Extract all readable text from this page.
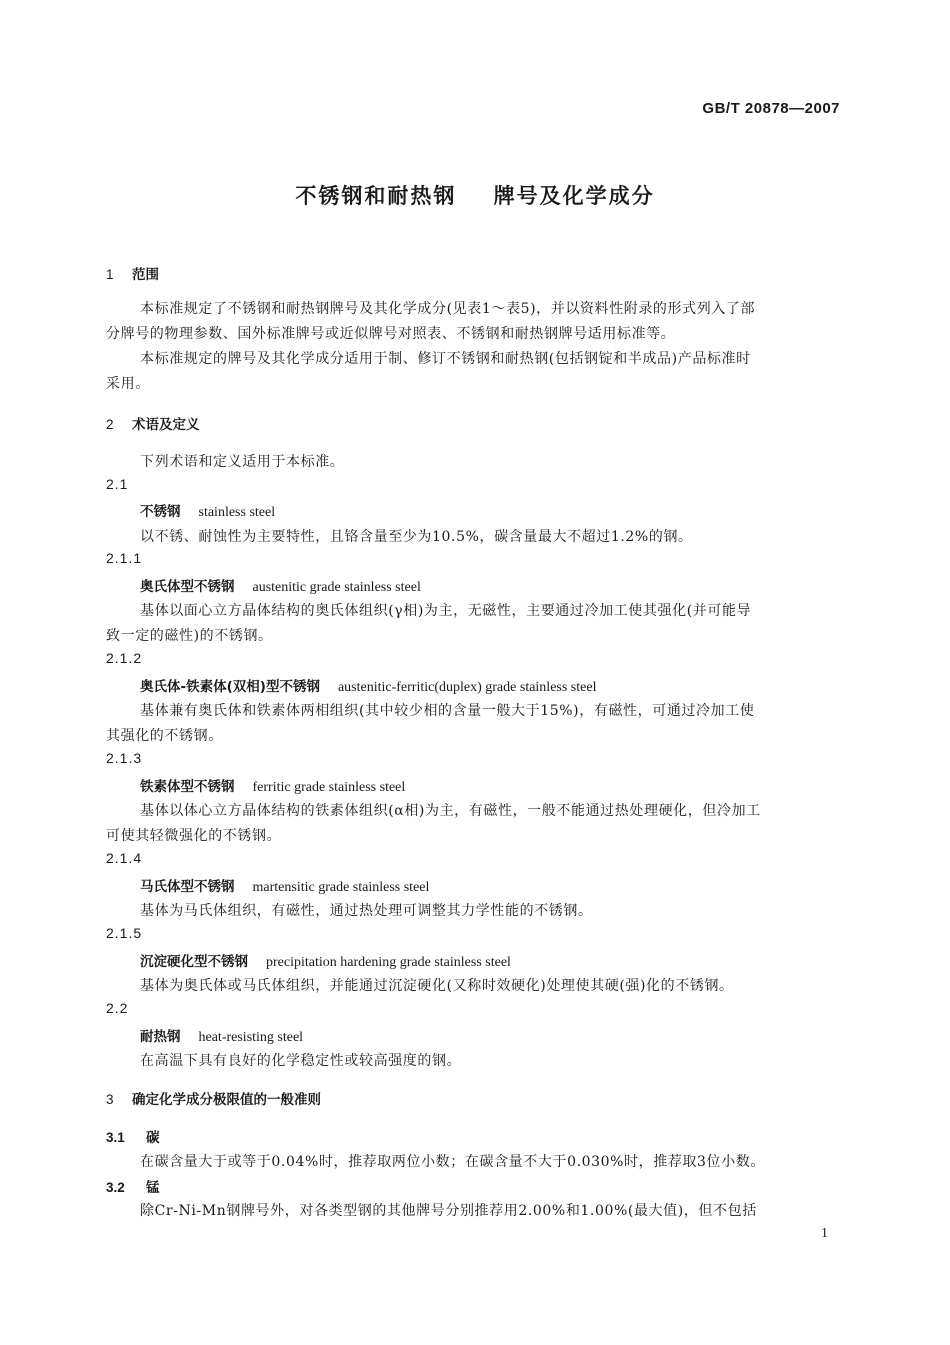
GB/T 20878—2007
不锈钢和耐热钢 牌号及化学成分
1 范围
本标准规定了不锈钢和耐热钢牌号及其化学成分(见表1～表5)，并以资料性附录的形式列入了部
分牌号的物理参数、国外标准牌号或近似牌号对照表、不锈钢和耐热钢牌号适用标准等。
本标准规定的牌号及其化学成分适用于制、修订不锈钢和耐热钢(包括钢锭和半成品)产品标准时
采用。
2 术语及定义
下列术语和定义适用于本标准。
2.1
不锈钢 stainless steel
以不锈、耐蚀性为主要特性，且铬含量至少为10.5%，碳含量最大不超过1.2%的钢。
2.1.1
奥氏体型不锈钢 austenitic grade stainless steel
基体以面心立方晶体结构的奥氏体组织(γ相)为主，无磁性，主要通过冷加工使其强化(并可能导
致一定的磁性)的不锈钢。
2.1.2
奥氏体-铁素体(双相)型不锈钢 austenitic-ferritic(duplex) grade stainless steel
基体兼有奥氏体和铁素体两相组织(其中较少相的含量一般大于15%)，有磁性，可通过冷加工使
其强化的不锈钢。
2.1.3
铁素体型不锈钢 ferritic grade stainless steel
基体以体心立方晶体结构的铁素体组织(α相)为主，有磁性，一般不能通过热处理硬化，但冷加工
可使其轻微强化的不锈钢。
2.1.4
马氏体型不锈钢 martensitic grade stainless steel
基体为马氏体组织，有磁性，通过热处理可调整其力学性能的不锈钢。
2.1.5
沉淀硬化型不锈钢 precipitation hardening grade stainless steel
基体为奥氏体或马氏体组织，并能通过沉淀硬化(又称时效硬化)处理使其硬(强)化的不锈钢。
2.2
耐热钢 heat-resisting steel
在高温下具有良好的化学稳定性或较高强度的钢。
3 确定化学成分极限值的一般准则
3.1 碳
在碳含量大于或等于0.04%时，推荐取两位小数；在碳含量不大于0.030%时，推荐取3位小数。
3.2 锰
除Cr-Ni-Mn钢牌号外，对各类型钢的其他牌号分别推荐用2.00%和1.00%(最大值)，但不包括
1
